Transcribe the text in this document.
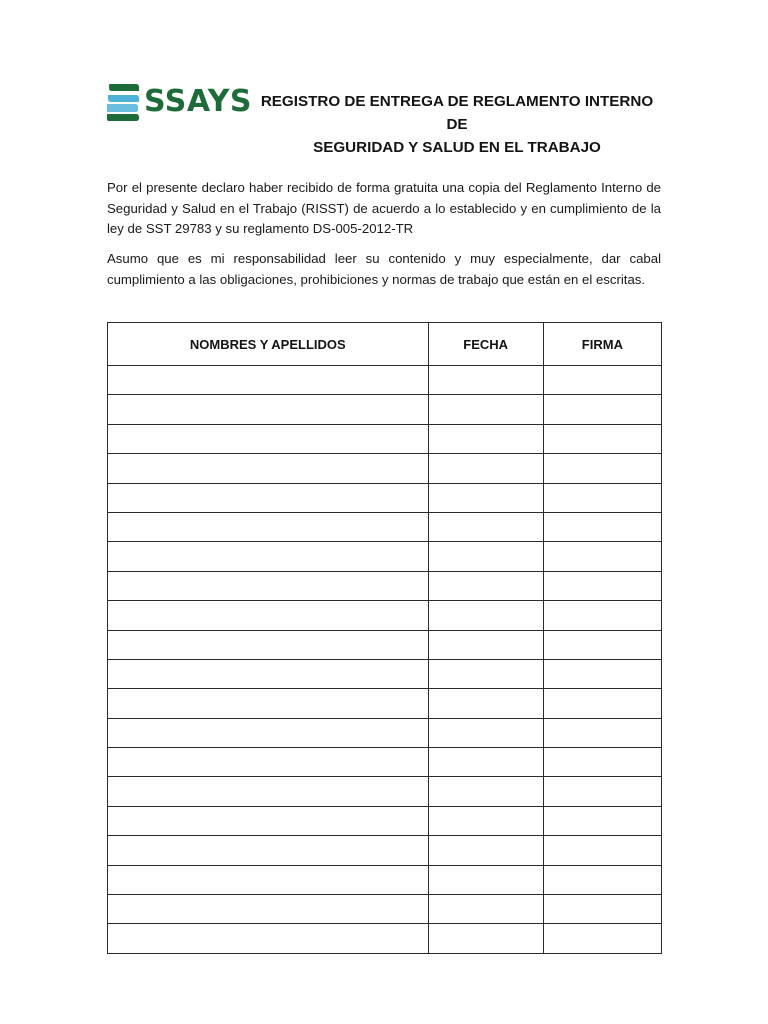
SSAYS REGISTRO DE ENTREGA DE REGLAMENTO INTERNO DE
SEGURIDAD Y SALUD EN EL TRABAJO

Por el presente declaro haber recibido de forma gratuita una copia del Reglamento Interno de Seguridad y Salud en el Trabajo (RISST) de acuerdo a lo establecido y en cumplimiento de la ley de SST 29783 y su reglamento DS-005-2012-TR

Asumo que es mi responsabilidad leer su contenido y muy especialmente, dar cabal cumplimiento a las obligaciones, prohibiciones y normas de trabajo que están en el escritas.

NOMBRES Y APELLIDOS	FECHA	FIRMA
